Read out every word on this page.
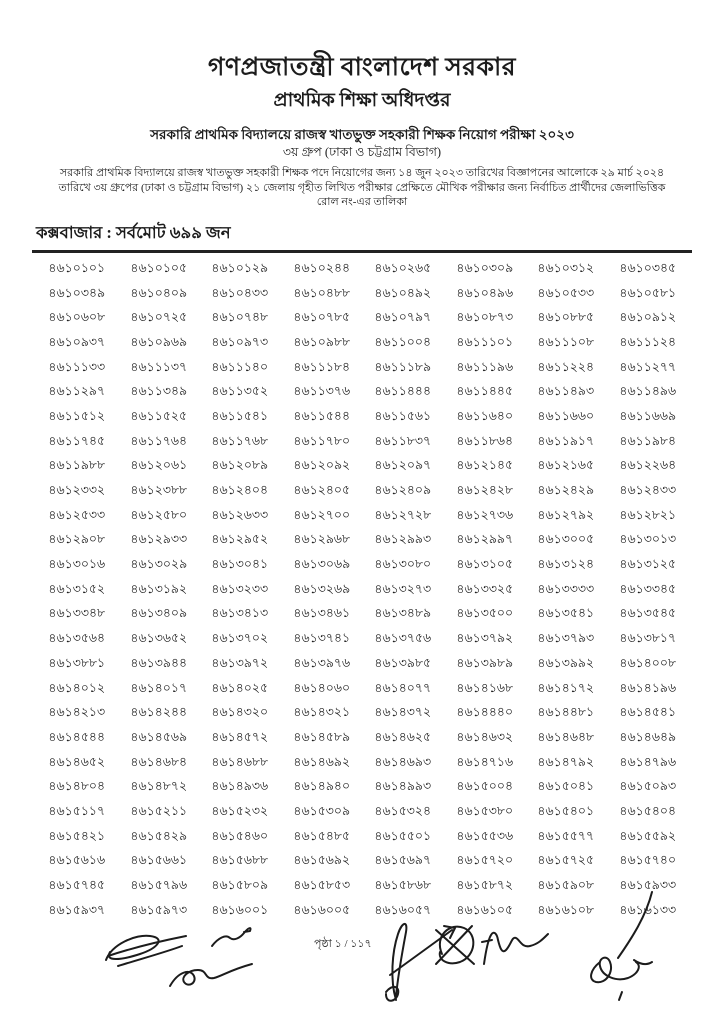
গণপ্রজাতন্ত্রী বাংলাদেশ সরকার
প্রাথমিক শিক্ষা অধিদপ্তর
সরকারি প্রাথমিক বিদ্যালয়ে রাজস্ব খাতভুক্ত সহকারী শিক্ষক নিয়োগ পরীক্ষা ২০২৩
৩য় গ্রুপ (ঢাকা ও চট্টগ্রাম বিভাগ)
সরকারি প্রাথমিক বিদ্যালয়ে রাজস্ব খাতভুক্ত সহকারী শিক্ষক পদে নিয়োগের জন্য ১৪ জুন ২০২৩ তারিখের বিজ্ঞাপনের আলোকে ২৯ মার্চ ২০২৪ তারিখে ৩য় গ্রুপের (ঢাকা ও চট্টগ্রাম বিভাগ) ২১ জেলায় গৃহীত লিখিত পরীক্ষার প্রেক্ষিতে মৌখিক পরীক্ষার জন্য নির্বাচিত প্রার্থীদের জেলাভিত্তিক রোল নং-এর তালিকা
কক্সবাজার : সর্বমোট ৬৯৯ জন
৪৬১০১০১	৪৬১০১০৫	৪৬১০১২৯	৪৬১০২৪৪	৪৬১০২৬৫	৪৬১০৩০৯	৪৬১০৩১২	৪৬১০৩৪৫
৪৬১০৩৪৯	৪৬১০৪০৯	৪৬১০৪৩৩	৪৬১০৪৮৮	৪৬১০৪৯২	৪৬১০৪৯৬	৪৬১০৫৩৩	৪৬১০৫৮১
৪৬১০৬০৮	৪৬১০৭২৫	৪৬১০৭৪৮	৪৬১০৭৮৫	৪৬১০৭৯৭	৪৬১০৮৭৩	৪৬১০৮৮৫	৪৬১০৯১২
৪৬১০৯৩৭	৪৬১০৯৬৯	৪৬১০৯৭৩	৪৬১০৯৮৮	৪৬১১০০৪	৪৬১১১০১	৪৬১১১০৮	৪৬১১১২৪
৪৬১১১৩৩	৪৬১১১৩৭	৪৬১১১৪০	৪৬১১১৮৪	৪৬১১১৮৯	৪৬১১১৯৬	৪৬১১২২৪	৪৬১১২৭৭
৪৬১১২৯৭	৪৬১১৩৪৯	৪৬১১৩৫২	৪৬১১৩৭৬	৪৬১১৪৪৪	৪৬১১৪৪৫	৪৬১১৪৯৩	৪৬১১৪৯৬
৪৬১১৫১২	৪৬১১৫২৫	৪৬১১৫৪১	৪৬১১৫৪৪	৪৬১১৫৬১	৪৬১১৬৪০	৪৬১১৬৬০	৪৬১১৬৬৯
৪৬১১৭৪৫	৪৬১১৭৬৪	৪৬১১৭৬৮	৪৬১১৭৮০	৪৬১১৮৩৭	৪৬১১৮৬৪	৪৬১১৯১৭	৪৬১১৯৮৪
৪৬১১৯৮৮	৪৬১২০৬১	৪৬১২০৮৯	৪৬১২০৯২	৪৬১২০৯৭	৪৬১২১৪৫	৪৬১২১৬৫	৪৬১২২৬৪
৪৬১২৩৩২	৪৬১২৩৮৮	৪৬১২৪০৪	৪৬১২৪০৫	৪৬১২৪০৯	৪৬১২৪২৮	৪৬১২৪২৯	৪৬১২৪৩৩
৪৬১২৫৩৩	৪৬১২৫৮০	৪৬১২৬৩৩	৪৬১২৭০০	৪৬১২৭২৮	৪৬১২৭৩৬	৪৬১২৭৯২	৪৬১২৮২১
৪৬১২৯০৮	৪৬১২৯৩৩	৪৬১২৯৫২	৪৬১২৯৬৮	৪৬১২৯৯৩	৪৬১২৯৯৭	৪৬১৩০০৫	৪৬১৩০১৩
৪৬১৩০১৬	৪৬১৩০২৯	৪৬১৩০৪১	৪৬১৩০৬৯	৪৬১৩০৮০	৪৬১৩১০৫	৪৬১৩১২৪	৪৬১৩১২৫
৪৬১৩১৫২	৪৬১৩১৯২	৪৬১৩২৩৩	৪৬১৩২৬৯	৪৬১৩২৭৩	৪৬১৩৩২৫	৪৬১৩৩৩৩	৪৬১৩৩৪৫
৪৬১৩৩৪৮	৪৬১৩৪০৯	৪৬১৩৪১৩	৪৬১৩৪৬১	৪৬১৩৪৮৯	৪৬১৩৫০০	৪৬১৩৫৪১	৪৬১৩৫৪৫
৪৬১৩৫৬৪	৪৬১৩৬৫২	৪৬১৩৭০২	৪৬১৩৭৪১	৪৬১৩৭৫৬	৪৬১৩৭৯২	৪৬১৩৭৯৩	৪৬১৩৮১৭
৪৬১৩৮৮১	৪৬১৩৯৪৪	৪৬১৩৯৭২	৪৬১৩৯৭৬	৪৬১৩৯৮৫	৪৬১৩৯৮৯	৪৬১৩৯৯২	৪৬১৪০০৮
৪৬১৪০১২	৪৬১৪০১৭	৪৬১৪০২৫	৪৬১৪০৬০	৪৬১৪০৭৭	৪৬১৪১৬৮	৪৬১৪১৭২	৪৬১৪১৯৬
৪৬১৪২১৩	৪৬১৪২৪৪	৪৬১৪৩২০	৪৬১৪৩২১	৪৬১৪৩৭২	৪৬১৪৪৪০	৪৬১৪৪৮১	৪৬১৪৫৪১
৪৬১৪৫৪৪	৪৬১৪৫৬৯	৪৬১৪৫৭২	৪৬১৪৫৮৯	৪৬১৪৬২৫	৪৬১৪৬৩২	৪৬১৪৬৪৮	৪৬১৪৬৪৯
৪৬১৪৬৫২	৪৬১৪৬৮৪	৪৬১৪৬৮৮	৪৬১৪৬৯২	৪৬১৪৬৯৩	৪৬১৪৭১৬	৪৬১৪৭৯২	৪৬১৪৭৯৬
৪৬১৪৮০৪	৪৬১৪৮৭২	৪৬১৪৯৩৬	৪৬১৪৯৪০	৪৬১৪৯৯৩	৪৬১৫০০৪	৪৬১৫০৪১	৪৬১৫০৯৩
৪৬১৫১১৭	৪৬১৫২১১	৪৬১৫২৩২	৪৬১৫৩০৯	৪৬১৫৩২৪	৪৬১৫৩৮০	৪৬১৫৪০১	৪৬১৫৪০৪
৪৬১৫৪২১	৪৬১৫৪২৯	৪৬১৫৪৬০	৪৬১৫৪৮৫	৪৬১৫৫০১	৪৬১৫৫৩৬	৪৬১৫৫৭৭	৪৬১৫৫৯২
৪৬১৫৬১৬	৪৬১৫৬৬১	৪৬১৫৬৮৮	৪৬১৫৬৯২	৪৬১৫৬৯৭	৪৬১৫৭২০	৪৬১৫৭২৫	৪৬১৫৭৪০
৪৬১৫৭৪৫	৪৬১৫৭৯৬	৪৬১৫৮০৯	৪৬১৫৮৫৩	৪৬১৫৮৬৮	৪৬১৫৮৭২	৪৬১৫৯০৮	৪৬১৫৯৩৩
৪৬১৫৯৩৭	৪৬১৫৯৭৩	৪৬১৬০০১	৪৬১৬০০৫	৪৬১৬০৫৭	৪৬১৬১০৫	৪৬১৬১০৮	৪৬১৬১৩৩
পৃষ্ঠা ১ / ১১৭
